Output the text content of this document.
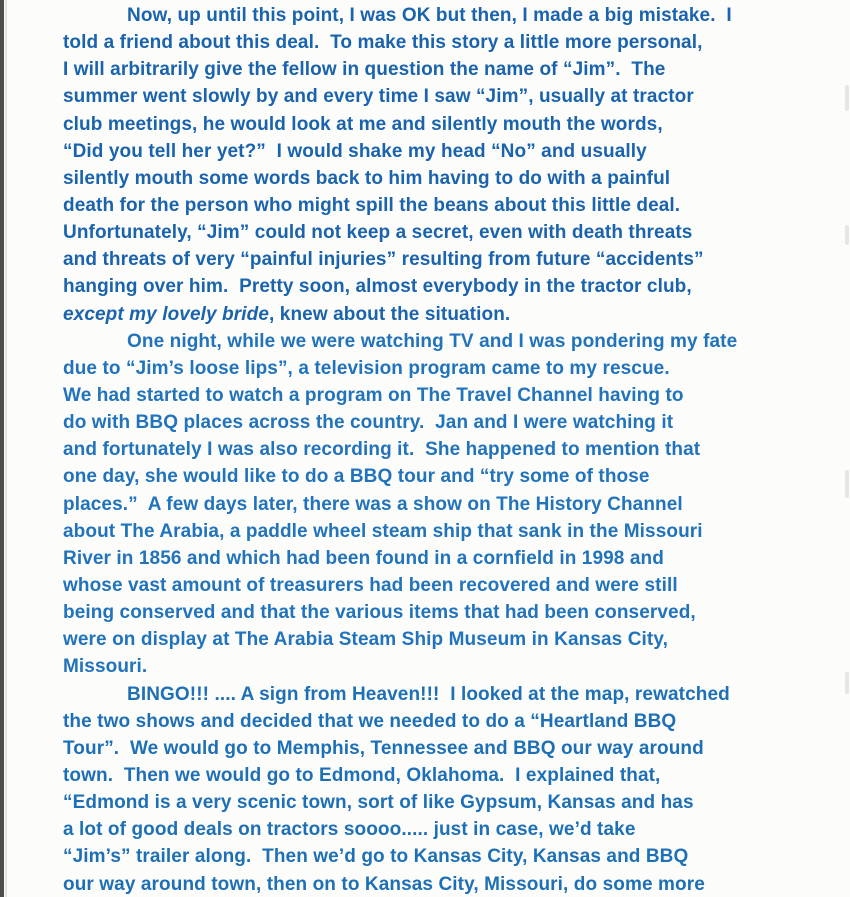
Now, up until this point, I was OK but then, I made a big mistake.  I
told a friend about this deal.  To make this story a little more personal,
I will arbitrarily give the fellow in question the name of “Jim”.  The
summer went slowly by and every time I saw “Jim”, usually at tractor
club meetings, he would look at me and silently mouth the words,
“Did you tell her yet?”  I would shake my head “No” and usually
silently mouth some words back to him having to do with a painful
death for the person who might spill the beans about this little deal.
Unfortunately, “Jim” could not keep a secret, even with death threats
and threats of very “painful injuries” resulting from future “accidents”
hanging over him.  Pretty soon, almost everybody in the tractor club,
except my lovely bride, knew about the situation.
One night, while we were watching TV and I was pondering my fate
due to “Jim’s loose lips”, a television program came to my rescue.
We had started to watch a program on The Travel Channel having to
do with BBQ places across the country.  Jan and I were watching it
and fortunately I was also recording it.  She happened to mention that
one day, she would like to do a BBQ tour and “try some of those
places.”  A few days later, there was a show on The History Channel
about The Arabia, a paddle wheel steam ship that sank in the Missouri
River in 1856 and which had been found in a cornfield in 1998 and
whose vast amount of treasurers had been recovered and were still
being conserved and that the various items that had been conserved,
were on display at The Arabia Steam Ship Museum in Kansas City,
Missouri.
BINGO!!! .... A sign from Heaven!!!  I looked at the map, rewatched
the two shows and decided that we needed to do a “Heartland BBQ
Tour”.  We would go to Memphis, Tennessee and BBQ our way around
town.  Then we would go to Edmond, Oklahoma.  I explained that,
“Edmond is a very scenic town, sort of like Gypsum, Kansas and has
a lot of good deals on tractors soooo..... just in case, we’d take
“Jim’s” trailer along.  Then we’d go to Kansas City, Kansas and BBQ
our way around town, then on to Kansas City, Missouri, do some more
